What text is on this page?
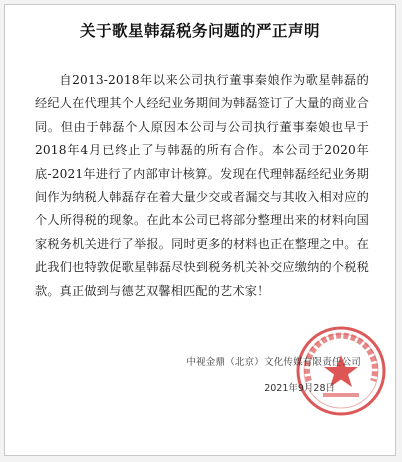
关于歌星韩磊税务问题的严正声明

自2013-2018年以来公司执行董事秦娘作为歌星韩磊的经纪人在代理其个人经纪业务期间为韩磊签订了大量的商业合同。但由于韩磊个人原因本公司与公司执行董事秦娘也早于2018年4月已终止了与韩磊的所有合作。本公司于2020年底-2021年进行了内部审计核算。发现在代理韩磊经纪业务期间作为纳税人韩磊存在着大量少交或者漏交与其收入相对应的个人所得税的现象。在此本公司已将部分整理出来的材料向国家税务机关进行了举报。同时更多的材料也正在整理之中。在此我们也特敦促歌星韩磊尽快到税务机关补交应缴纳的个税税款。真正做到与德艺双馨相匹配的艺术家！

中视金鼎（北京）文化传媒有限责任公司
2021年9月28日
